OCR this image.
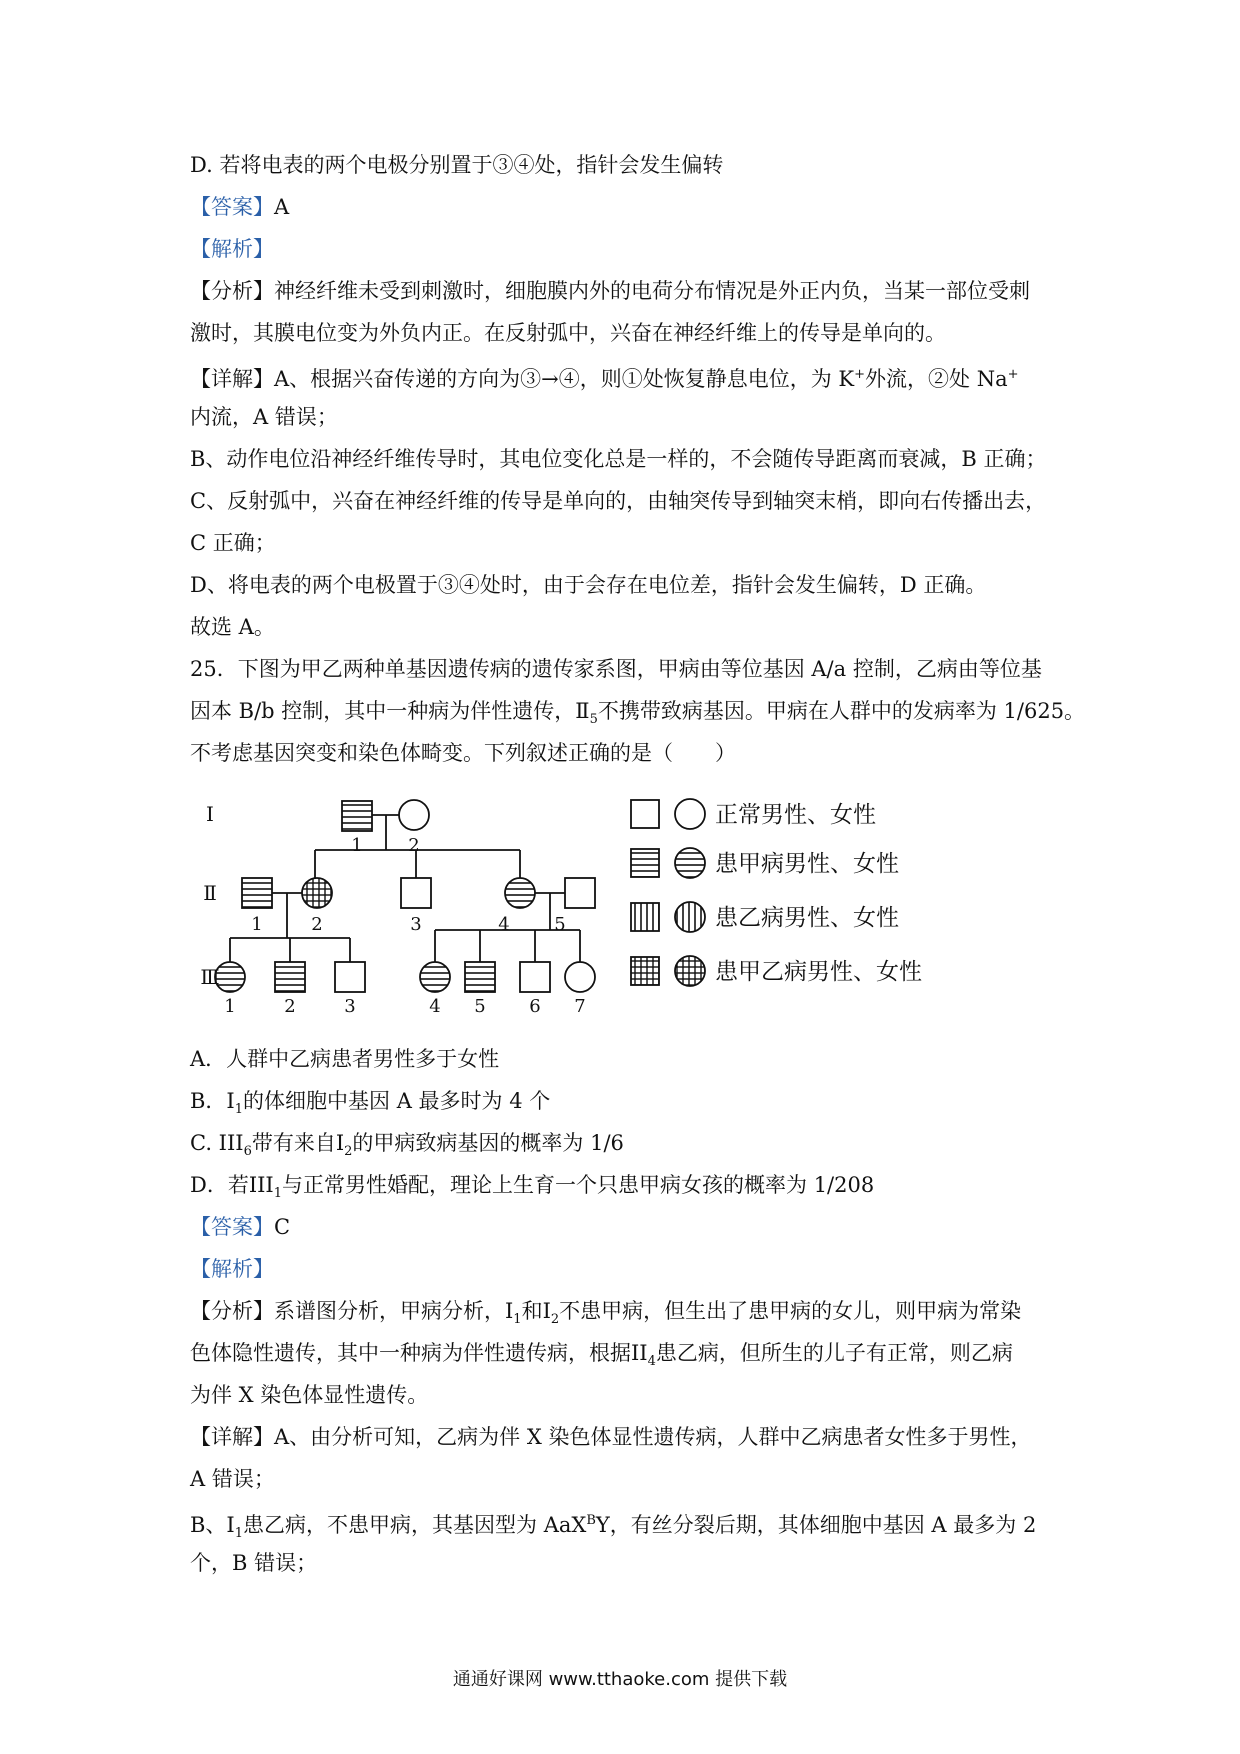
D. 若将电表的两个电极分别置于③④处，指针会发生偏转
【答案】A
【解析】
【分析】神经纤维未受到刺激时，细胞膜内外的电荷分布情况是外正内负，当某一部位受刺
激时，其膜电位变为外负内正。在反射弧中，兴奋在神经纤维上的传导是单向的。
【详解】A、根据兴奋传递的方向为③→④，则①处恢复静息电位，为 K+外流，②处 Na+
内流，A 错误；
B、动作电位沿神经纤维传导时，其电位变化总是一样的，不会随传导距离而衰减，B 正确；
C、反射弧中，兴奋在神经纤维的传导是单向的，由轴突传导到轴突末梢，即向右传播出去，
C 正确；
D、将电表的两个电极置于③④处时，由于会存在电位差，指针会发生偏转，D 正确。
故选 A。
25．下图为甲乙两种单基因遗传病的遗传家系图，甲病由等位基因 A/a 控制，乙病由等位基
因本 B/b 控制，其中一种病为伴性遗传，$Ⅱ_5$不携带致病基因。甲病在人群中的发病率为 1/625。
不考虑基因突变和染色体畸变。下列叙述正确的是（　　）
Ⅰ
Ⅱ
Ⅲ
1	2
1	2	3	4 5
1	2	3	4 5 6 7
正常男性、女性
患甲病男性、女性
患乙病男性、女性
患甲乙病男性、女性
A．人群中乙病患者男性多于女性
B．$Ⅰ_1$的体细胞中基因 A 最多时为 4 个
C. $III_6$带有来自$Ⅰ_2$的甲病致病基因的概率为 1/6
D．若$III_1$与正常男性婚配，理论上生育一个只患甲病女孩的概率为 1/208
【答案】C
【解析】
【分析】系谱图分析，甲病分析，$I_1$和$I_2$不患甲病，但生出了患甲病的女儿，则甲病为常染
色体隐性遗传，其中一种病为伴性遗传病，根据$II_4$患乙病，但所生的儿子有正常，则乙病
为伴 X 染色体显性遗传。
【详解】A、由分析可知，乙病为伴 X 染色体显性遗传病，人群中乙病患者女性多于男性，
A 错误；
B、$I_1$患乙病，不患甲病，其基因型为 AaX$^B$Y，有丝分裂后期，其体细胞中基因 A 最多为 2
个，B 错误；
通通好课网 www.tthaoke.com 提供下载
